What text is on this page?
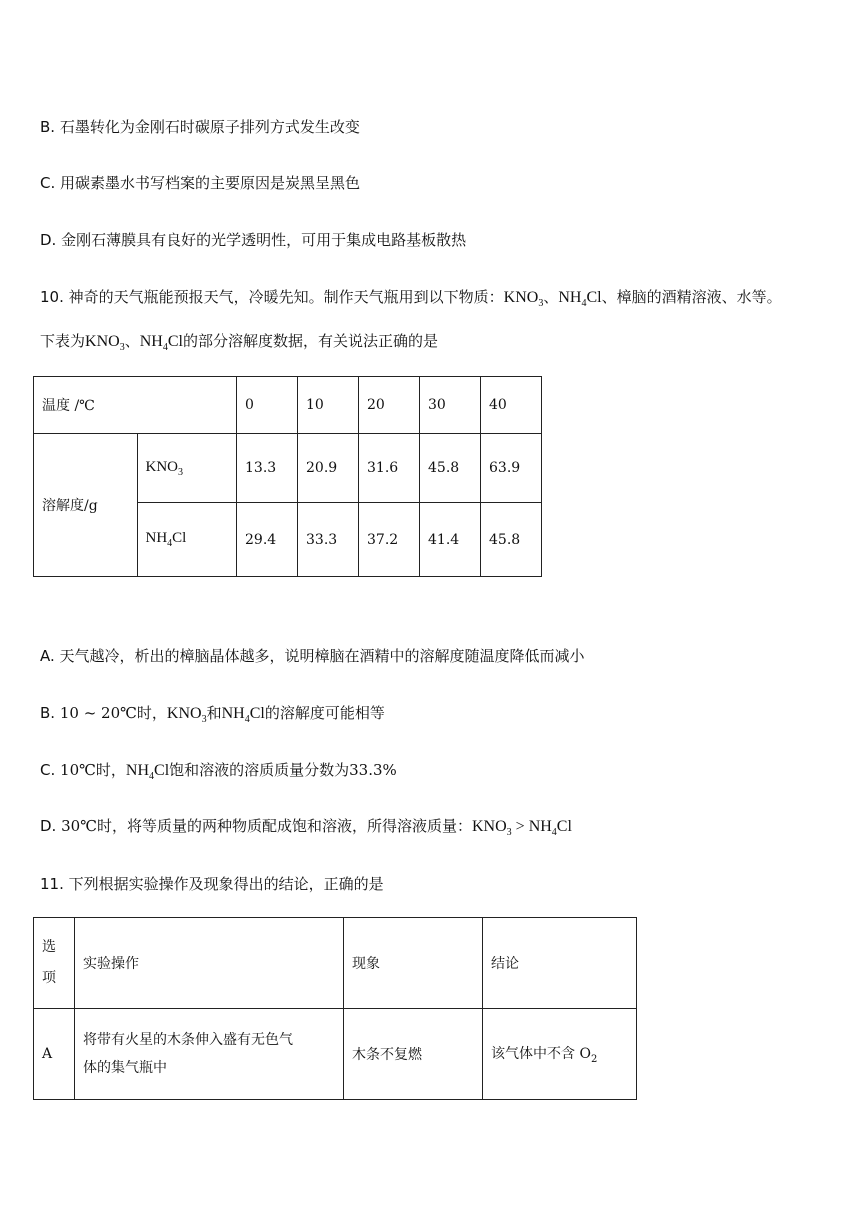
B. 石墨转化为金刚石时碳原子排列方式发生改变
C. 用碳素墨水书写档案的主要原因是炭黑呈黑色
D. 金刚石薄膜具有良好的光学透明性，可用于集成电路基板散热
10. 神奇的天气瓶能预报天气，冷暖先知。制作天气瓶用到以下物质：$KNO_3$、$NH_4Cl$、樟脑的酒精溶液、水等。
下表为$KNO_3$、$NH_4Cl$的部分溶解度数据，有关说法正确的是
温度 /℃		0	10	20	30	40
溶解度/g	$KNO_3$	13.3	20.9	31.6	45.8	63.9
	$NH_4Cl$	29.4	33.3	37.2	41.4	45.8
A. 天气越冷，析出的樟脑晶体越多，说明樟脑在酒精中的溶解度随温度降低而减小
B. 10 ~ 20℃时，$KNO_3$和$NH_4Cl$的溶解度可能相等
C. 10℃时，$NH_4Cl$饱和溶液的溶质质量分数为33.3%
D. 30℃时，将等质量的两种物质配成饱和溶液，所得溶液质量：$KNO_3 > NH_4Cl$
11. 下列根据实验操作及现象得出的结论，正确的是
选
项	实验操作	现象	结论
A	将带有火星的木条伸入盛有无色气
体的集气瓶中	木条不复燃	该气体中不含 $O_2$
